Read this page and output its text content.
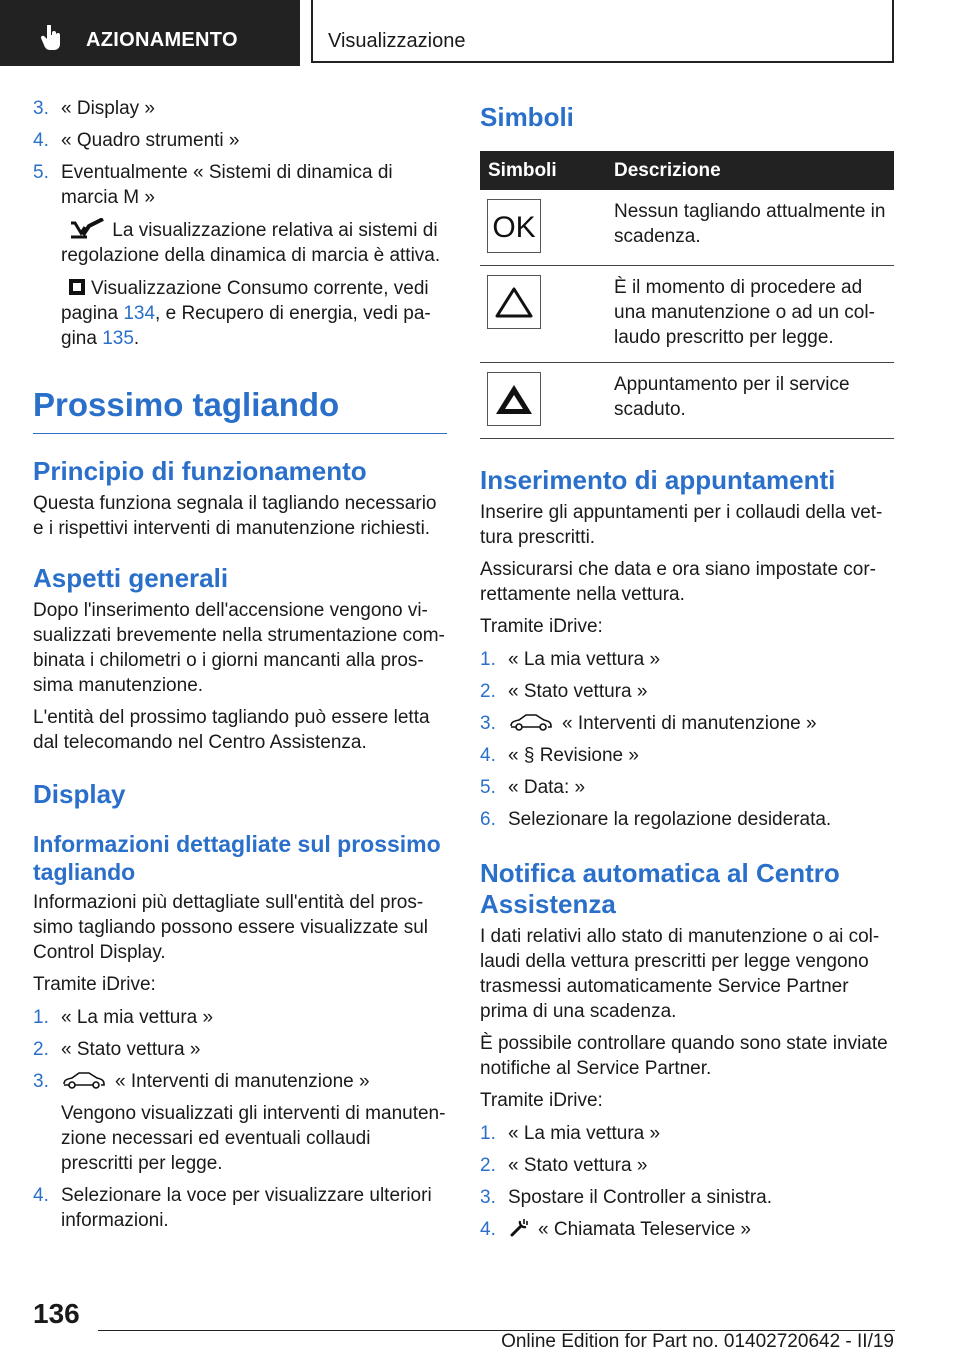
AZIONAMENTO	Visualizzazione
3. « Display »
4. « Quadro strumenti »
5. Eventualmente « Sistemi di dinamica di marcia M »
La visualizzazione relativa ai sistemi di regolazione della dinamica di marcia è attiva.
Visualizzazione Consumo corrente, vedi pagina 134, e Recupero di energia, vedi pa-gina 135.
Prossimo tagliando
Principio di funzionamento

Questa funziona segnala il tagliando necessario e i rispettivi interventi di manutenzione richiesti.

Aspetti generali

Dopo l'inserimento dell'accensione vengono vi-sualizzati brevemente nella strumentazione com-binata i chilometri o i giorni mancanti alla pros-sima manutenzione.

L'entità del prossimo tagliando può essere letta dal telecomando nel Centro Assistenza.

Display
Informazioni dettagliate sul prossimo tagliando

Informazioni più dettagliate sull'entità del pros-simo tagliando possono essere visualizzate sul Control Display.

Tramite iDrive:

1. « La mia vettura »
2. « Stato vettura »
3.	« Interventi di manutenzione »
Vengono visualizzati gli interventi di manuten-zione necessari ed eventuali collaudi prescritti per legge.
4. Selezionare la voce per visualizzare ulteriori informazioni.
Simboli
Simboli	Descrizione

OK	Nessun tagliando attualmente in scadenza.

	È il momento di procedere ad una manutenzione o ad un col-laudo prescritto per legge.

	Appuntamento per il service scaduto.
Inserimento di appuntamenti

Inserire gli appuntamenti per i collaudi della vet-tura prescritti.

Assicurarsi che data e ora siano impostate cor-rettamente nella vettura.

Tramite iDrive:

1. « La mia vettura »
2. « Stato vettura »
3.	« Interventi di manutenzione »
4. « § Revisione »
5. « Data: »
6. Selezionare la regolazione desiderata.
Notifica automatica al Centro Assistenza

I dati relativi allo stato di manutenzione o ai col-laudi della vettura prescritti per legge vengono trasmessi automaticamente Service Partner prima di una scadenza.

È possibile controllare quando sono state inviate notifiche al Service Partner.

Tramite iDrive:

1. « La mia vettura »
2. « Stato vettura »
3. Spostare il Controller a sinistra.
4.	« Chiamata Teleservice »
136
Online Edition for Part no. 01402720642 - II/19
